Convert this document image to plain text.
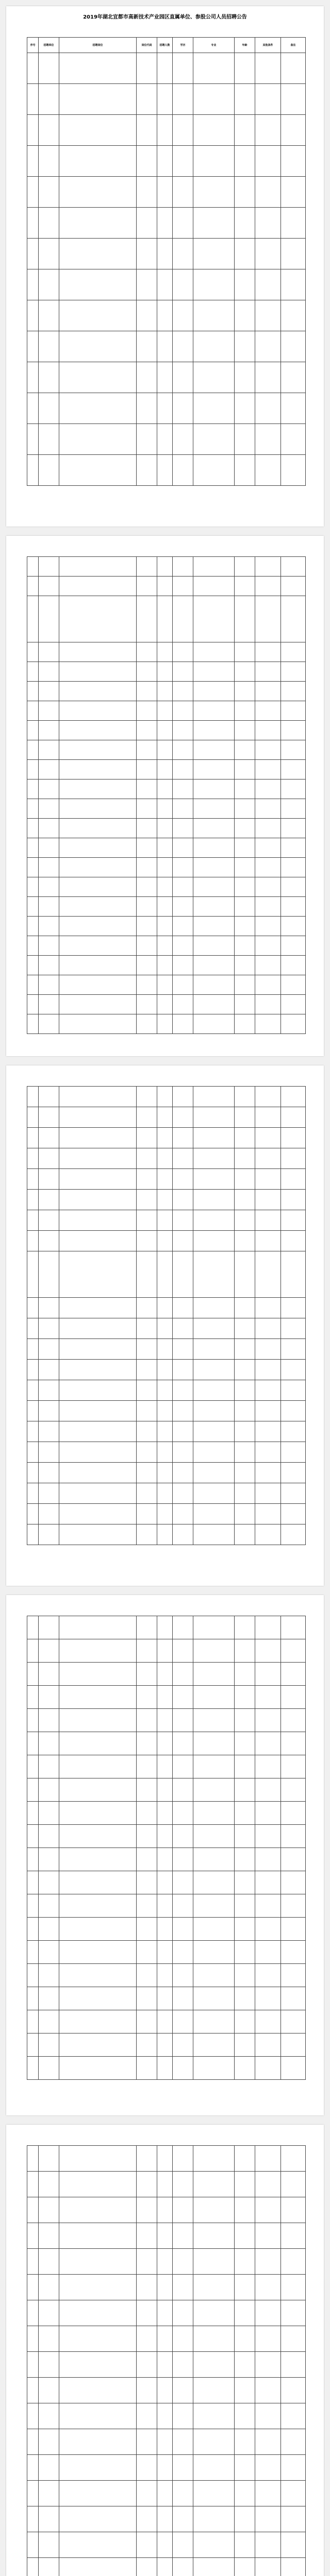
2019年湖北宜都市高新技术产业园区直属单位、参股公司人员招聘公告
序号	招聘单位	招聘岗位	岗位代码	招聘人数	学历	专业	年龄	其他条件	备注
